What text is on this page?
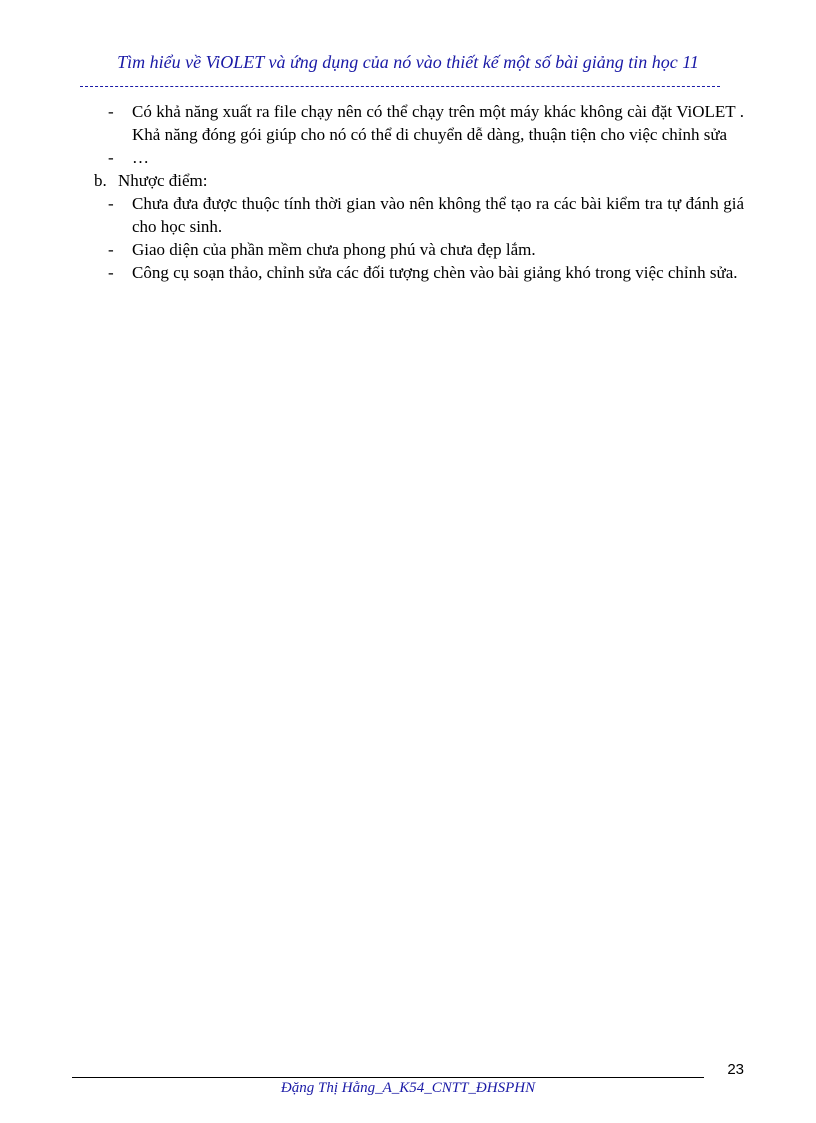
Tìm hiểu về ViOLET và ứng dụng của nó vào thiết kế một số bài giảng tin học 11
- Có khả năng xuất ra file chạy nên có thể chạy trên một máy khác không cài đặt ViOLET . Khả năng đóng gói giúp cho nó có thể di chuyển dễ dàng, thuận tiện cho việc chỉnh sửa
- …
b. Nhược điểm:
- Chưa đưa được thuộc tính thời gian vào nên không thể tạo ra các bài kiểm tra tự đánh giá cho học sinh.
- Giao diện của phần mềm chưa phong phú và chưa đẹp lắm.
- Công cụ soạn thảo, chỉnh sửa các đối tượng chèn vào bài giảng khó trong việc chỉnh sửa.
23
Đặng Thị Hằng_A_K54_CNTT_ĐHSPHN
